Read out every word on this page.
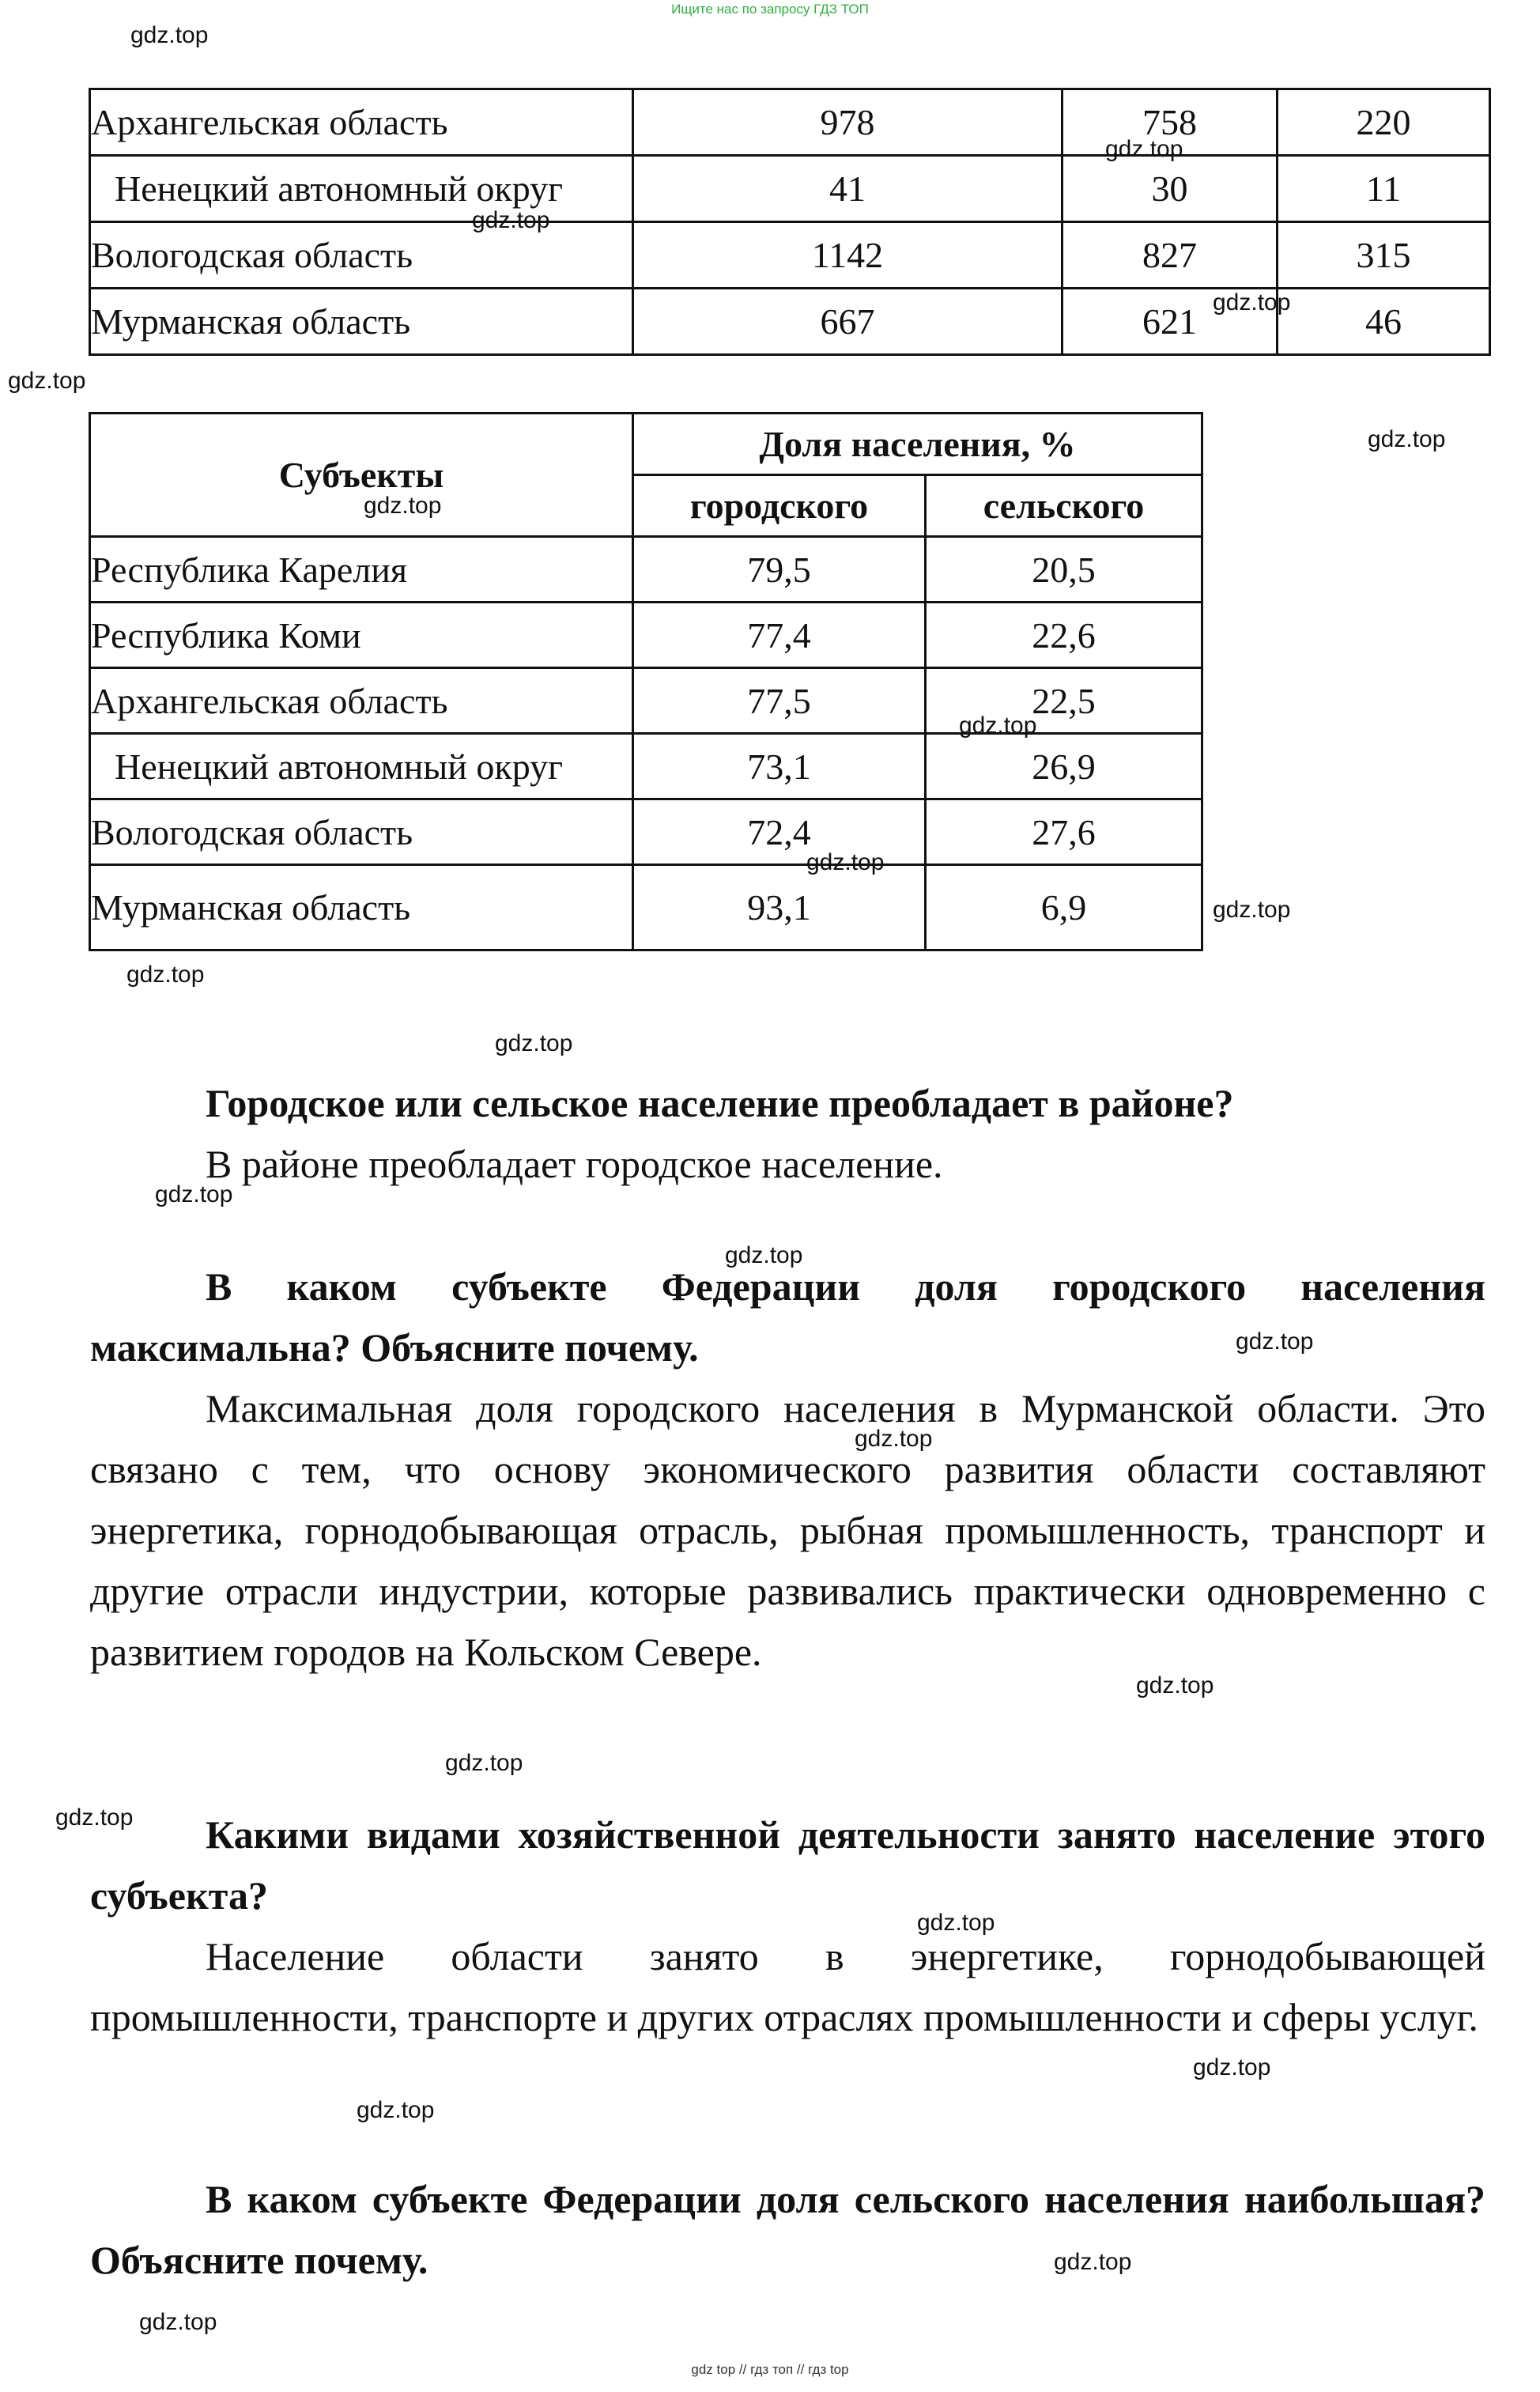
Ищите нас по запросу ГДЗ ТОП
Архангельская область	978	758	220
Ненецкий автономный округ	41	30	11
Вологодская область	1142	827	315
Мурманская область	667	621	46
Субъекты	Доля населения, %	
	городского	сельского
Республика Карелия	79,5	20,5
Республика Коми	77,4	22,6
Архангельская область	77,5	22,5
Ненецкий автономный округ	73,1	26,9
Вологодская область	72,4	27,6
Мурманская область	93,1	6,9
Городское или сельское население преобладает в районе?
В районе преобладает городское население.
В каком субъекте Федерации доля городского населения максимальна? Объясните почему.
Максимальная доля городского населения в Мурманской области. Это связано с тем, что основу экономического развития области составляют энергетика, горнодобывающая отрасль, рыбная промышленность, транспорт и другие отрасли индустрии, которые развивались практически одновременно с развитием городов на Кольском Севере.
Какими видами хозяйственной деятельности занято население этого субъекта?
Население области занято в энергетике, горнодобывающей промышленности, транспорте и других отраслях промышленности и сферы услуг.
В каком субъекте Федерации доля сельского населения наибольшая? Объясните почему.
gdz.top
gdz.top
gdz.top
gdz.top
gdz.top
gdz.top
gdz.top
gdz.top
gdz.top
gdz.top
gdz.top
gdz.top
gdz.top
gdz.top
gdz.top
gdz.top
gdz.top
gdz.top
gdz.top
gdz.top
gdz.top
gdz.top
gdz.top
gdz.top
gdz top // гдз топ // гдз top
